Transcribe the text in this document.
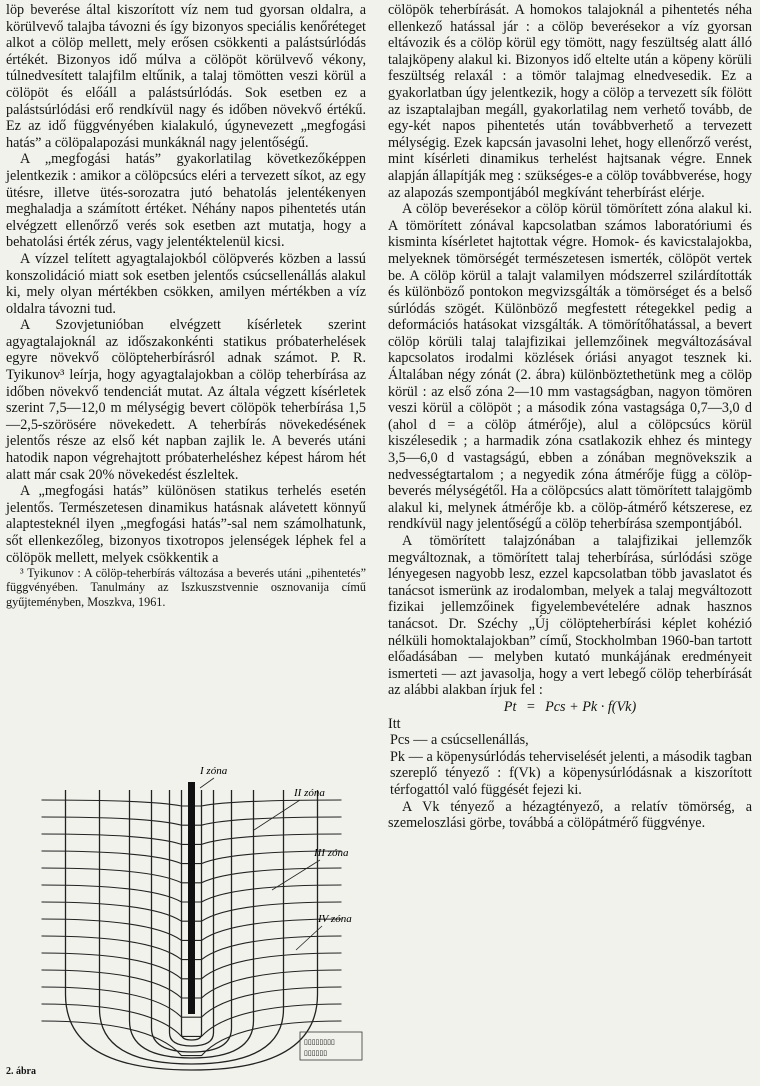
löp beverése által kiszorított víz nem tud gyorsan oldalra, a körülvevő talajba távozni és így bizonyos speciális kenőréteget alkot a cölöp mellett, mely erősen csökkenti a palástsúrlódás értékét. Bizonyos idő múlva a cölöpöt körülvevő vékony, túlnedvesített talajfilm eltűnik, a talaj tömötten veszi körül a cölöpöt és előáll a palástsúrlódás. Sok esetben ez a palástsúrlódási erő rendkívül nagy és időben növekvő értékű. Ez az idő függvényében kialakuló, úgynevezett „megfogási hatás” a cölöpalapozási munkáknál nagy jelentőségű.

A „megfogási hatás” gyakorlatilag következőképpen jelentkezik : amikor a cölöpcsúcs eléri a tervezett síkot, az egy ütésre, illetve ütés-sorozatra jutó behatolás jelentékenyen meghaladja a számított értéket. Néhány napos pihentetés után elvégzett ellenőrző verés sok esetben azt mutatja, hogy a behatolási érték zérus, vagy jelentéktelenül kicsi.

A vízzel telített agyagtalajokból cölöpverés közben a lassú konszolidáció miatt sok esetben jelentős csúcsellenállás alakul ki, mely olyan mértékben csökken, amilyen mértékben a víz oldalra távozni tud.

A Szovjetunióban elvégzett kísérletek szerint agyagtalajoknál az időszakonkénti statikus próbaterhelések egyre növekvő cölöpteherbírásról adnak számot. P. R. Tyikunov³ leírja, hogy agyagtalajokban a cölöp teherbírása az időben növekvő tendenciát mutat. Az általa végzett kísérletek szerint 7,5—12,0 m mélységig bevert cölöpök teherbírása 1,5—2,5-szörösére növekedett. A teherbírás növekedésének jelentős része az első két napban zajlik le. A beverés utáni hatodik napon végrehajtott próbaterheléshez képest három hét alatt már csak 20% növekedést észleltek.

A „megfogási hatás” különösen statikus terhelés esetén jelentős. Természetesen dinamikus hatásnak alávetett könnyű alaptesteknél ilyen „megfogási hatás”-sal nem számolhatunk, sőt ellenkezőleg, bizonyos tixotropos jelenségek léphek fel a cölöpök mellett, melyek csökkentik a

³ Tyikunov : A cölöp-teherbírás változása a beverés utáni „pihentetés” függvényében. Tanulmány az Iszkuszstvennie osznovanija című gyűjteményben, Moszkva, 1961.

I zóna
II zóna
III zóna
IV zóna
▯▯▯▯▯▯▯▯
▯▯▯▯▯▯
2. ábra

cölöpök teherbírását. A homokos talajoknál a pihentetés néha ellenkező hatással jár : a cölöp beverésekor a víz gyorsan eltávozik és a cölöp körül egy tömött, nagy feszültség alatt álló talajköpeny alakul ki. Bizonyos idő eltelte után a köpeny körüli feszültség relaxál : a tömör talajmag elnedvesedik. Ez a gyakorlatban úgy jelentkezik, hogy a cölöp a tervezett sík fölött az iszaptalajban megáll, gyakorlatilag nem verhető tovább, de egy-két napos pihentetés után továbbverhető a tervezett mélységig. Ezek kapcsán javasolni lehet, hogy ellenőrző verést, mint kísérleti dinamikus terhelést hajtsanak végre. Ennek alapján állapítják meg : szükséges-e a cölöp továbbverése, hogy az alapozás szempontjából megkívánt teherbírást elérje.

A cölöp beverésekor a cölöp körül tömörített zóna alakul ki. A tömörített zónával kapcsolatban számos laboratóriumi és kisminta kísérletet hajtottak végre. Homok- és kavicstalajokba, melyeknek tömörségét természetesen ismerték, cölöpöt vertek be. A cölöp körül a talajt valamilyen módszerrel szilárdították és különböző pontokon megvizsgálták a tömörséget és a belső súrlódás szögét. Különböző megfestett rétegekkel pedig a deformációs hatásokat vizsgálták. A tömörítőhatással, a bevert cölöp körüli talaj talajfizikai jellemzőinek megváltozásával kapcsolatos irodalmi közlések óriási anyagot tesznek ki. Általában négy zónát (2. ábra) különböztethetünk meg a cölöp körül : az első zóna 2—10 mm vastagságban, nagyon tömören veszi körül a cölöpöt ; a második zóna vastagsága 0,7—3,0 d (ahol d = a cölöp átmérője), alul a cölöpcsúcs körül kiszélesedik ; a harmadik zóna csatlakozik ehhez és mintegy 3,5—6,0 d vastagságú, ebben a zónában megnövekszik a nedvességtartalom ; a negyedik zóna átmérője függ a cölöp-beverés mélységétől. Ha a cölöpcsúcs alatt tömörített talajgömb alakul ki, melynek átmérője kb. a cölöp-átmérő kétszerese, ez rendkívül nagy jelentőségű a cölöp teherbírása szempontjából.

A tömörített talajzónában a talajfizikai jellemzők megváltoznak, a tömörített talaj teherbírása, súrlódási szöge lényegesen nagyobb lesz, ezzel kapcsolatban több javaslatot és tanácsot ismerünk az irodalomban, melyek a talaj megváltozott fizikai jellemzőinek figyelembevételére adnak hasznos tanácsot. Dr. Széchy „Új cölöpteherbírási képlet kohézió nélküli homoktalajokban” című, Stockholmban 1960-ban tartott előadásában — melyben kutató munkájának eredményeit ismerteti — azt javasolja, hogy a vert lebegő cölöp teherbírását az alábbi alakban írjuk fel :

Pt = Pcs + Pk · f(Vk)

Itt

Pcs — a csúcsellenállás,

Pk — a köpenysúrlódás teherviselését jelenti, a második tagban szereplő tényező : f(Vk) a köpenysúrlódásnak a kiszorított térfogattól való függését fejezi ki.

A Vk tényező a hézagtényező, a relatív tömörség, a szemeloszlási görbe, továbbá a cölöpátmérő függvénye.
